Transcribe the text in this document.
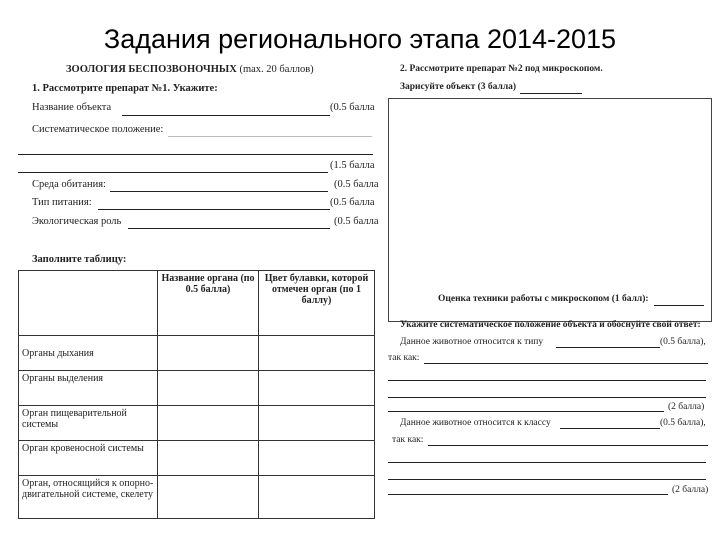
Задания регионального этапа 2014-2015
ЗООЛОГИЯ БЕСПОЗВОНОЧНЫХ (max. 20 баллов)
1. Рассмотрите препарат №1. Укажите:
Название объекта	(0.5 балла
Систематическое положение:
(1.5 балла
Среда обитания:	(0.5 балла
Тип питания:	(0.5 балла
Экологическая роль	(0.5 балла
Заполните таблицу:
	Название органа (по 0.5 балла)	Цвет булавки, которой отмечен орган (по 1 баллу)
Органы дыхания		
Органы выделения		
Орган пищеварительной системы		
Орган кровеносной системы		
Орган, относящийся к опорно-двигательной системе, скелету		
2. Рассмотрите препарат №2 под микроскопом.
Зарисуйте объект (3 балла)
Оценка техники работы с микроскопом (1 балл):
Укажите систематическое положение объекта и обоснуйте свой ответ:
Данное животное относится к типу	(0.5 балла),
так как:
(2 балла)
Данное животное относится к классу	(0.5 балла),
так как:
(2 балла)
